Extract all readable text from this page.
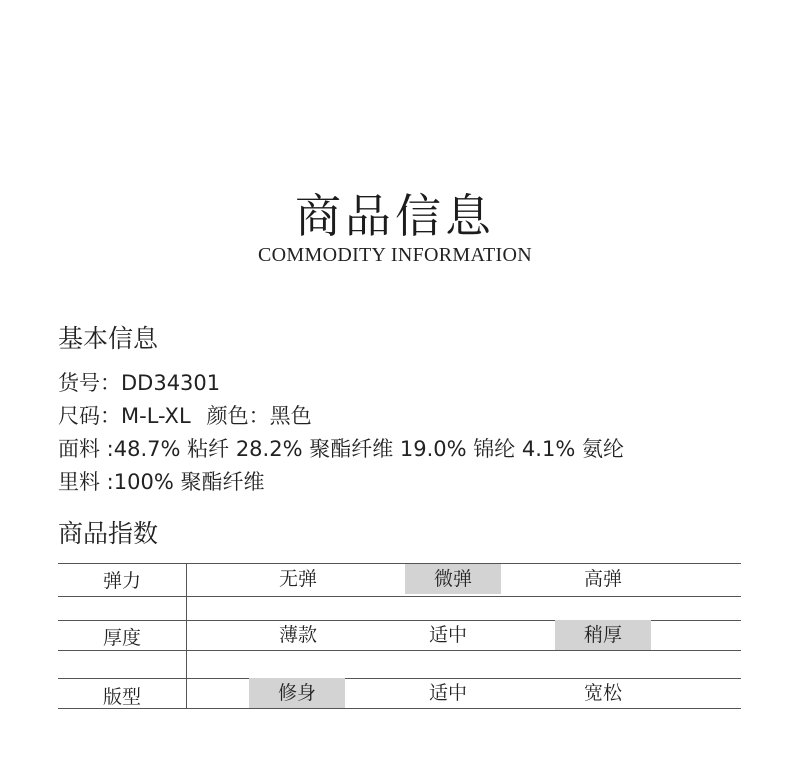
商品信息
COMMODITY INFORMATION
基本信息
货号：DD34301
尺码：M-L-XL 颜色：黑色
面料 :48.7% 粘纤 28.2% 聚酯纤维 19.0% 锦纶 4.1% 氨纶
里料 :100% 聚酯纤维
商品指数
弹力	无弹	微弹	高弹
厚度	薄款	适中	稍厚
版型	修身	适中	宽松
